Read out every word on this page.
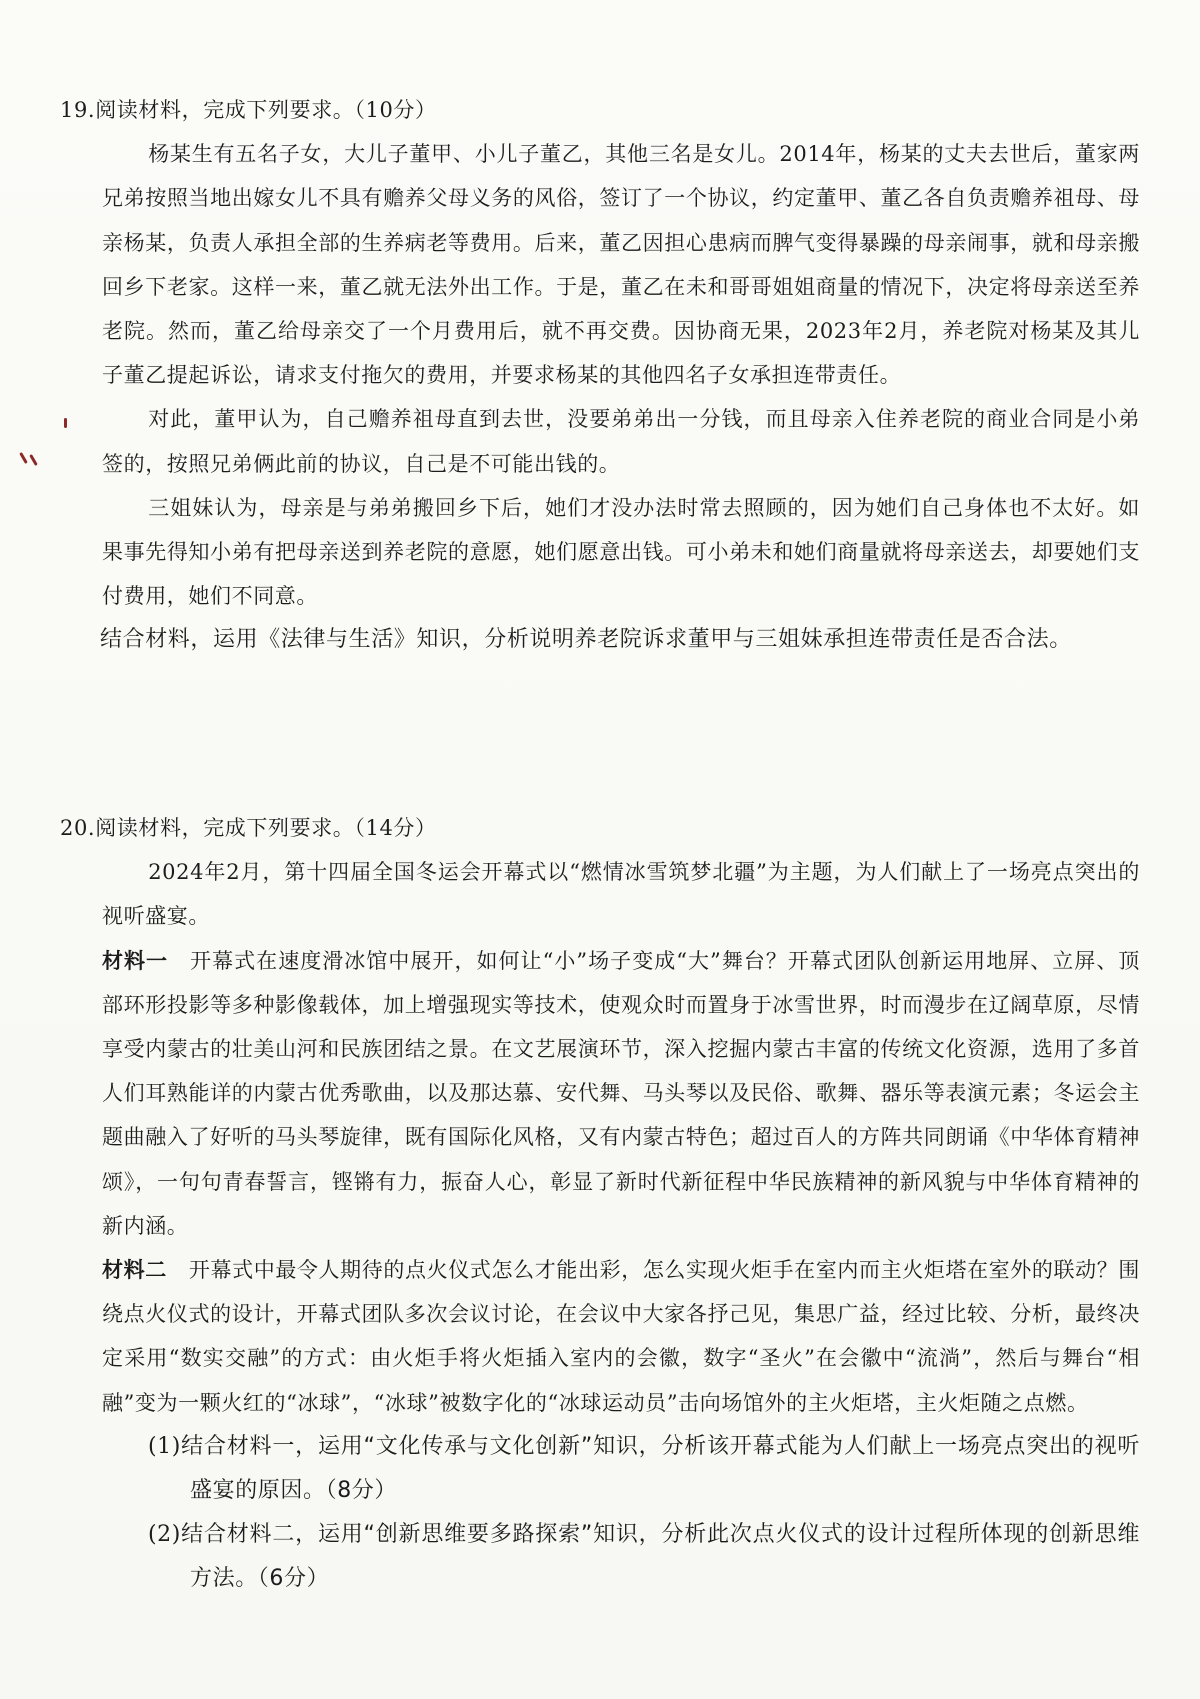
19.阅读材料，完成下列要求。（10分）

杨某生有五名子女，大儿子董甲、小儿子董乙，其他三名是女儿。2014年，杨某的丈夫去世后，董家两兄弟按照当地出嫁女儿不具有赡养父母义务的风俗，签订了一个协议，约定董甲、董乙各自负责赡养祖母、母亲杨某，负责人承担全部的生养病老等费用。后来，董乙因担心患病而脾气变得暴躁的母亲闹事，就和母亲搬回乡下老家。这样一来，董乙就无法外出工作。于是，董乙在未和哥哥姐姐商量的情况下，决定将母亲送至养老院。然而，董乙给母亲交了一个月费用后，就不再交费。因协商无果，2023年2月，养老院对杨某及其儿子董乙提起诉讼，请求支付拖欠的费用，并要求杨某的其他四名子女承担连带责任。

对此，董甲认为，自己赡养祖母直到去世，没要弟弟出一分钱，而且母亲入住养老院的商业合同是小弟签的，按照兄弟俩此前的协议，自己是不可能出钱的。

三姐妹认为，母亲是与弟弟搬回乡下后，她们才没办法时常去照顾的，因为她们自己身体也不太好。如果事先得知小弟有把母亲送到养老院的意愿，她们愿意出钱。可小弟未和她们商量就将母亲送去，却要她们支付费用，她们不同意。

结合材料，运用《法律与生活》知识，分析说明养老院诉求董甲与三姐妹承担连带责任是否合法。

20.阅读材料，完成下列要求。（14分）

2024年2月，第十四届全国冬运会开幕式以“燃情冰雪筑梦北疆”为主题，为人们献上了一场亮点突出的视听盛宴。

材料一 开幕式在速度滑冰馆中展开，如何让“小”场子变成“大”舞台？开幕式团队创新运用地屏、立屏、顶部环形投影等多种影像载体，加上增强现实等技术，使观众时而置身于冰雪世界，时而漫步在辽阔草原，尽情享受内蒙古的壮美山河和民族团结之景。在文艺展演环节，深入挖掘内蒙古丰富的传统文化资源，选用了多首人们耳熟能详的内蒙古优秀歌曲，以及那达慕、安代舞、马头琴以及民俗、歌舞、器乐等表演元素；冬运会主题曲融入了好听的马头琴旋律，既有国际化风格，又有内蒙古特色；超过百人的方阵共同朗诵《中华体育精神颂》，一句句青春誓言，铿锵有力，振奋人心，彰显了新时代新征程中华民族精神的新风貌与中华体育精神的新内涵。

材料二 开幕式中最令人期待的点火仪式怎么才能出彩，怎么实现火炬手在室内而主火炬塔在室外的联动？围绕点火仪式的设计，开幕式团队多次会议讨论，在会议中大家各抒己见，集思广益，经过比较、分析，最终决定采用“数实交融”的方式：由火炬手将火炬插入室内的会徽，数字“圣火”在会徽中“流淌”，然后与舞台“相融”变为一颗火红的“冰球”，“冰球”被数字化的“冰球运动员”击向场馆外的主火炬塔，主火炬随之点燃。

(1)结合材料一，运用“文化传承与文化创新”知识，分析该开幕式能为人们献上一场亮点突出的视听盛宴的原因。（8分）

(2)结合材料二，运用“创新思维要多路探索”知识，分析此次点火仪式的设计过程所体现的创新思维方法。（6分）
